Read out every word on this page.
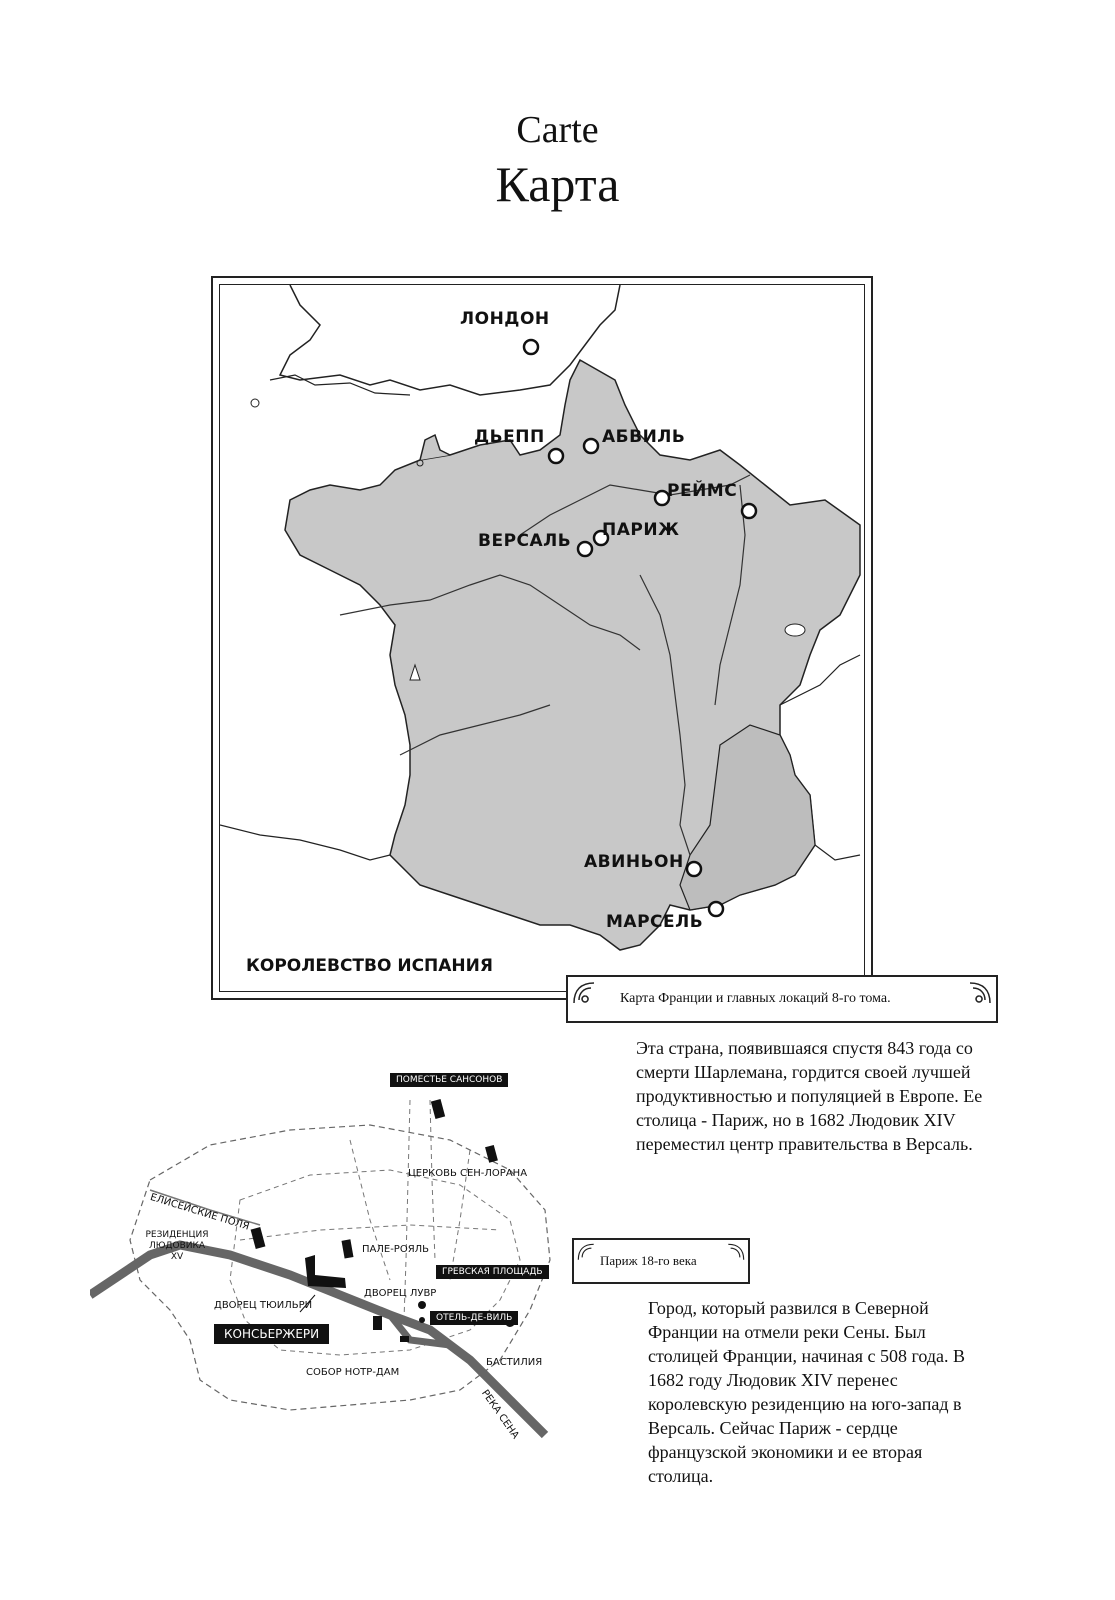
Carte
Карта
ЛОНДОН
ДЬЕПП	АБВИЛЬ
РЕЙМС
ПАРИЖ
ВЕРСАЛЬ
АВИНЬОН
МАРСЕЛЬ
КОРОЛЕВСТВО ИСПАНИЯ
Карта Франции и главных локаций 8-го тома.
Эта страна, появившаяся спустя 843 года со смерти Шарлемана, гордится своей лучшей продуктивностью и популяцией в Европе. Ее столица - Париж, но в 1682 Людовик XIV переместил центр правительства в Версаль.
ПОМЕСТЬЕ САНСОНОВ
ЦЕРКОВЬ СЕН-ЛОРАНА
ЕЛИСЕЙСКИЕ ПОЛЯ
РЕЗИДЕНЦИЯ ЛЮДОВИКА XV
ПАЛЕ-РОЯЛЬ
ГРЕВСКАЯ ПЛОЩАДЬ
ДВОРЕЦ ЛУВР
ДВОРЕЦ ТЮИЛЬРИ
ОТЕЛЬ-ДЕ-ВИЛЬ
КОНСЬЕРЖЕРИ
БАСТИЛИЯ
СОБОР НОТР-ДАМ
РЕКА СЕНА
Париж 18-го века
Город, который развился в Северной Франции на отмели реки Сены. Был столицей Франции, начиная с 508 года. В 1682 году Людовик XIV перенес королевскую резиденцию на юго-запад в Версаль. Сейчас Париж - сердце французской экономики и ее вторая столица.
